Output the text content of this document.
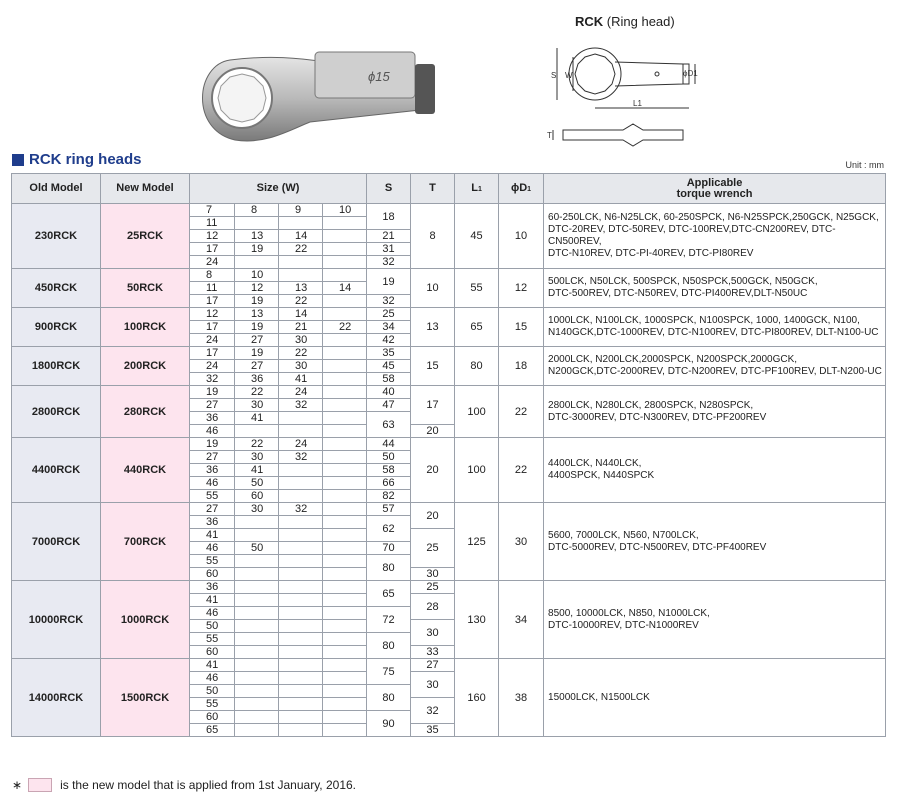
ϕ15
RCK (Ring head)
S W	ϕD1
L1
T
RCK ring heads	Unit : mm
Old Model	New Model	Size (W)				S	T	L1	ϕD1	Applicable
torque wrench
230RCK	25RCK	7	8	9	10	18	8	45	10	60-250LCK, N6-N25LCK, 60-250SPCK, N6-N25SPCK,250GCK, N25GCK,
DTC-20REV, DTC-50REV, DTC-100REV,DTC-CN200REV, DTC-CN500REV,
DTC-N10REV, DTC-PI-40REV, DTC-PI80REV

		11								
		12	13	14		21				
		17	19	22		31				
		24				32				
450RCK	50RCK	8	10			19	10	55	12	500LCK, N50LCK, 500SPCK, N50SPCK,500GCK, N50GCK,
DTC-500REV, DTC-N50REV, DTC-PI400REV,DLT-N50UC

		11	12	13	14					
		17	19	22		32				
900RCK	100RCK	12	13	14		25	13	65	15	1000LCK, N100LCK, 1000SPCK, N100SPCK, 1000, 1400GCK, N100,
N140GCK,DTC-1000REV, DTC-N100REV, DTC-PI800REV, DLT-N100-UC

		17	19	21	22	34				
		24	27	30		42				
1800RCK	200RCK	17	19	22		35	15	80	18	2000LCK, N200LCK,2000SPCK, N200SPCK,2000GCK,
N200GCK,DTC-2000REV, DTC-N200REV, DTC-PF100REV, DLT-N200-UC

		24	27	30		45				
		32	36	41		58				
2800RCK	280RCK	19	22	24		40	17	100	22	2800LCK, N280LCK, 2800SPCK, N280SPCK,
DTC-3000REV, DTC-N300REV, DTC-PF200REV

		27	30	32		47				
		36	41			63				
		46					20			
4400RCK	440RCK	19	22	24		44	20	100	22	4400LCK, N440LCK,
4400SPCK, N440SPCK

		27	30	32		50				
		36	41			58				
		46	50			66				
		55	60			82				
7000RCK	700RCK	27	30	32		57	20	125	30	5600, 7000LCK, N560, N700LCK,
DTC-5000REV, DTC-N500REV, DTC-PF400REV

		36				62				
		41					25			
		46	50			70				
		55				80				
		60					30			
10000RCK	1000RCK	36				65	25	130	34	8500, 10000LCK, N850, N1000LCK,
DTC-10000REV, DTC-N1000REV

		41					28			
		46				72				
		50					30			
		55				80				
		60					33			
14000RCK	1500RCK	41				75	27	160	38	15000LCK, N1500LCK

		46					30			
		50				80				
		55					32			
		60				90				
		65					35			
∗	is the new model that is applied from 1st January, 2016.
